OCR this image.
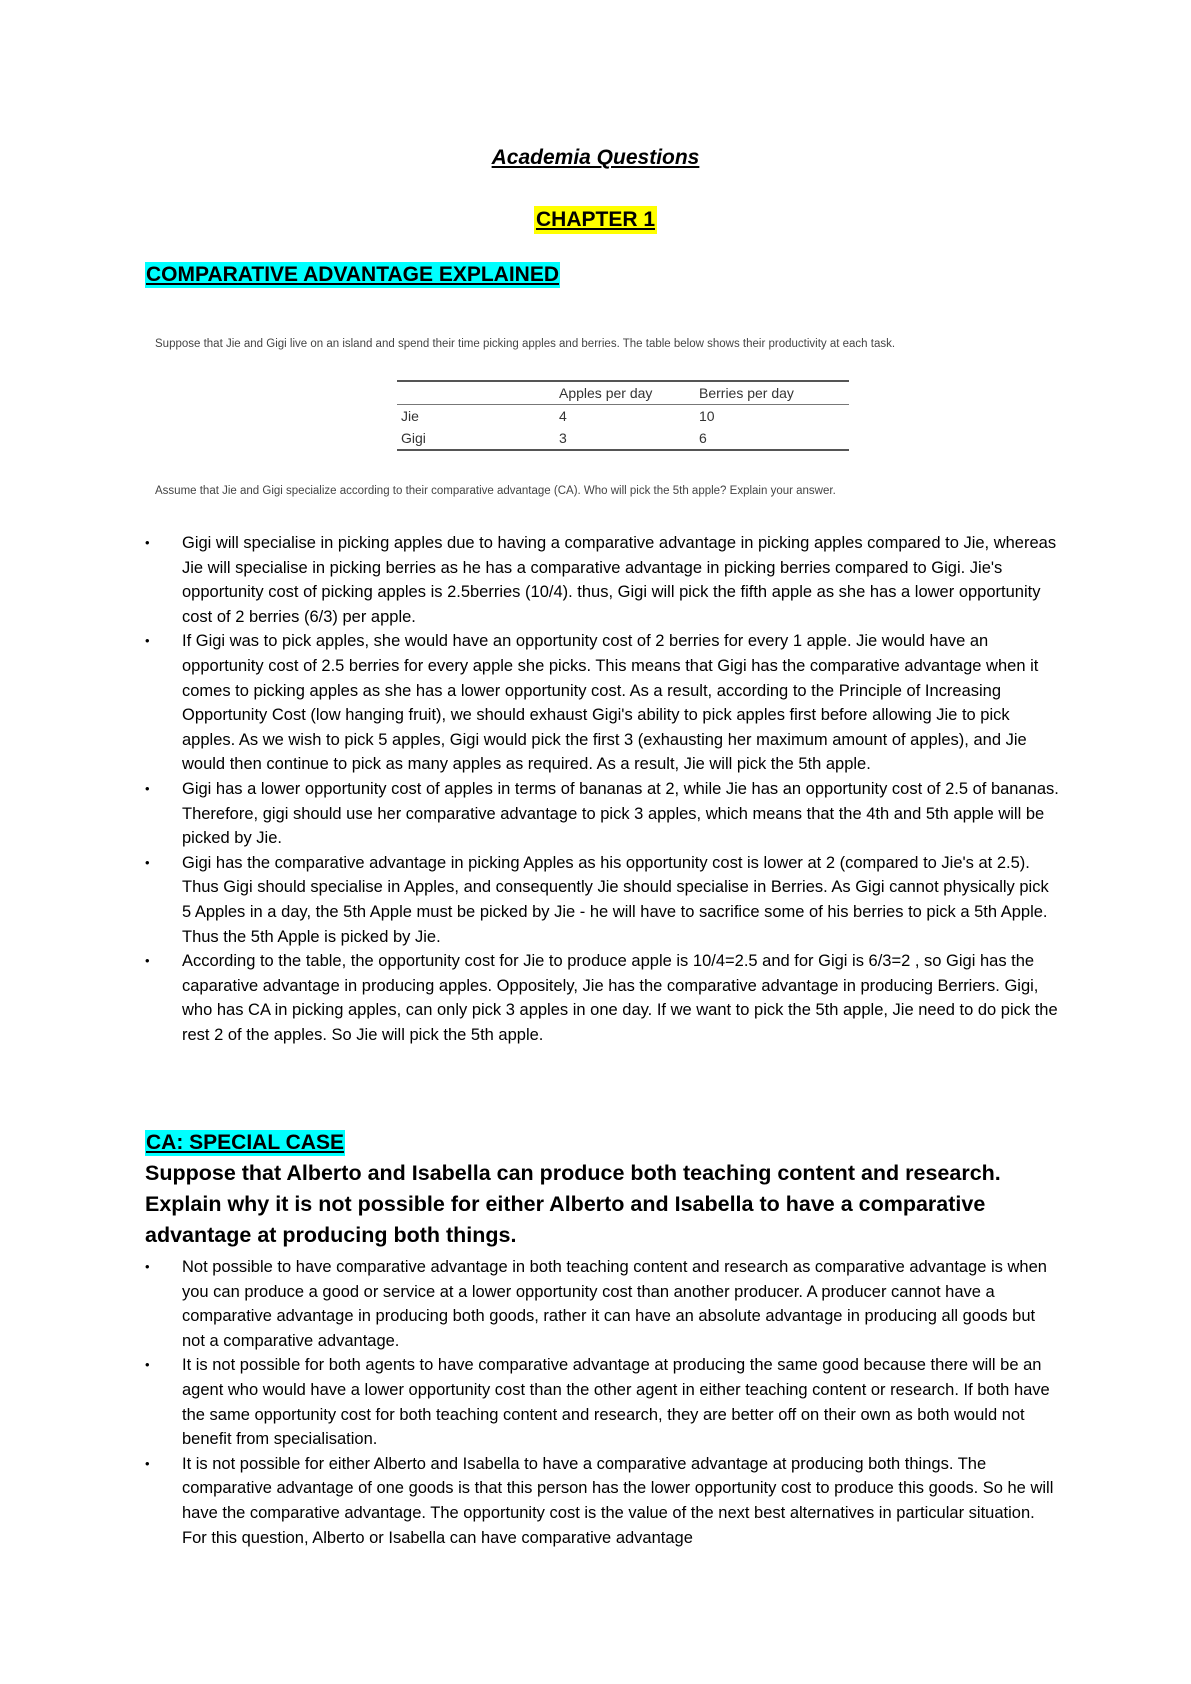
Academia Questions
CHAPTER 1
COMPARATIVE ADVANTAGE EXPLAINED
Suppose that Jie and Gigi live on an island and spend their time picking apples and berries. The table below shows their productivity at each task.
	Apples per day	Berries per day
Jie	4	10
Gigi	3	6
Assume that Jie and Gigi specialize according to their comparative advantage (CA). Who will pick the 5th apple? Explain your answer.
• Gigi will specialise in picking apples due to having a comparative advantage in picking apples compared to Jie, whereas Jie will specialise in picking berries as he has a comparative advantage in picking berries compared to Gigi. Jie's opportunity cost of picking apples is 2.5berries (10/4). thus, Gigi will pick the fifth apple as she has a lower opportunity cost of 2 berries (6/3) per apple.
• If Gigi was to pick apples, she would have an opportunity cost of 2 berries for every 1 apple. Jie would have an opportunity cost of 2.5 berries for every apple she picks. This means that Gigi has the comparative advantage when it comes to picking apples as she has a lower opportunity cost. As a result, according to the Principle of Increasing Opportunity Cost (low hanging fruit), we should exhaust Gigi's ability to pick apples first before allowing Jie to pick apples. As we wish to pick 5 apples, Gigi would pick the first 3 (exhausting her maximum amount of apples), and Jie would then continue to pick as many apples as required. As a result, Jie will pick the 5th apple.
• Gigi has a lower opportunity cost of apples in terms of bananas at 2, while Jie has an opportunity cost of 2.5 of bananas. Therefore, gigi should use her comparative advantage to pick 3 apples, which means that the 4th and 5th apple will be picked by Jie.
• Gigi has the comparative advantage in picking Apples as his opportunity cost is lower at 2 (compared to Jie's at 2.5). Thus Gigi should specialise in Apples, and consequently Jie should specialise in Berries. As Gigi cannot physically pick 5 Apples in a day, the 5th Apple must be picked by Jie - he will have to sacrifice some of his berries to pick a 5th Apple. Thus the 5th Apple is picked by Jie.
• According to the table, the opportunity cost for Jie to produce apple is 10/4=2.5 and for Gigi is 6/3=2 , so Gigi has the caparative advantage in producing apples. Oppositely, Jie has the comparative advantage in producing Berriers. Gigi, who has CA in picking apples, can only pick 3 apples in one day. If we want to pick the 5th apple, Jie need to do pick the rest 2 of the apples. So Jie will pick the 5th apple.
CA: SPECIAL CASE

Suppose that Alberto and Isabella can produce both teaching content and research. Explain why it is not possible for either Alberto and Isabella to have a comparative advantage at producing both things.

• Not possible to have comparative advantage in both teaching content and research as comparative advantage is when you can produce a good or service at a lower opportunity cost than another producer. A producer cannot have a comparative advantage in producing both goods, rather it can have an absolute advantage in producing all goods but not a comparative advantage.
• It is not possible for both agents to have comparative advantage at producing the same good because there will be an agent who would have a lower opportunity cost than the other agent in either teaching content or research. If both have the same opportunity cost for both teaching content and research, they are better off on their own as both would not benefit from specialisation.
• It is not possible for either Alberto and Isabella to have a comparative advantage at producing both things. The comparative advantage of one goods is that this person has the lower opportunity cost to produce this goods. So he will have the comparative advantage. The opportunity cost is the value of the next best alternatives in particular situation. For this question, Alberto or Isabella can have comparative advantage
